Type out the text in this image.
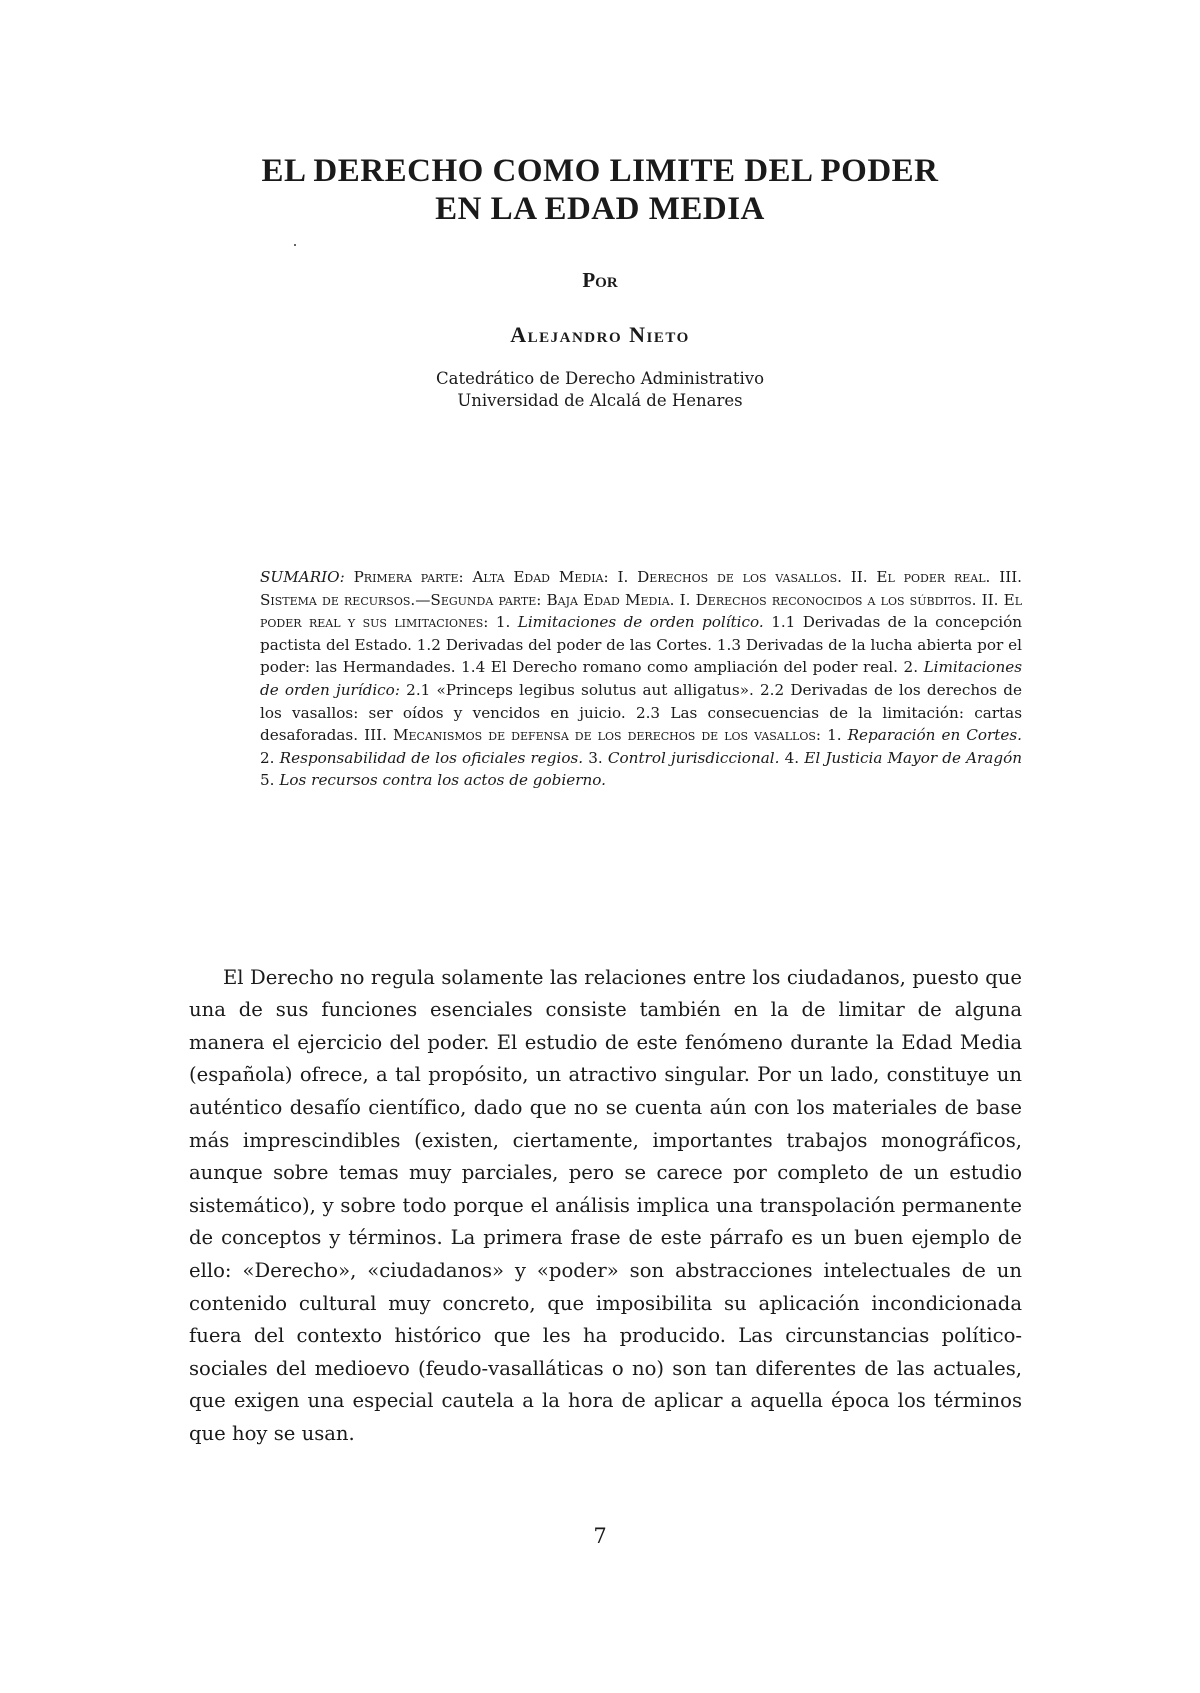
EL DERECHO COMO LIMITE DEL PODER
EN LA EDAD MEDIA
Por
Alejandro Nieto
Catedrático de Derecho Administrativo
Universidad de Alcalá de Henares
SUMARIO: Primera parte: Alta Edad Media: I. Derechos de los vasallos. II. El poder real. III. Sistema de recursos.—Segunda parte: Baja Edad Media. I. Derechos reconocidos a los súbditos. II. El poder real y sus limitaciones: 1. Limitaciones de orden político. 1.1 Derivadas de la concepción pactista del Estado. 1.2 Derivadas del poder de las Cortes. 1.3 Derivadas de la lucha abierta por el poder: las Hermandades. 1.4 El Derecho romano como ampliación del poder real. 2. Limitaciones de orden jurídico: 2.1 «Princeps legibus solutus aut alligatus». 2.2 Derivadas de los derechos de los vasallos: ser oídos y vencidos en juicio. 2.3 Las consecuencias de la limitación: cartas desaforadas. III. Mecanismos de defensa de los derechos de los vasallos: 1. Reparación en Cortes. 2. Responsabilidad de los oficiales regios. 3. Control jurisdiccional. 4. El Justicia Mayor de Aragón 5. Los recursos contra los actos de gobierno.

El Derecho no regula solamente las relaciones entre los ciudadanos, puesto que una de sus funciones esenciales consiste también en la de limitar de alguna manera el ejercicio del poder. El estudio de este fenómeno durante la Edad Media (española) ofrece, a tal propósito, un atractivo singular. Por un lado, constituye un auténtico desafío científico, dado que no se cuenta aún con los materiales de base más imprescindibles (existen, ciertamente, importantes trabajos monográficos, aunque sobre temas muy parciales, pero se carece por completo de un estudio sistemático), y sobre todo porque el análisis implica una transpolación permanente de conceptos y términos. La primera frase de este párrafo es un buen ejemplo de ello: «Derecho», «ciudadanos» y «poder» son abstracciones intelectuales de un contenido cultural muy concreto, que imposibilita su aplicación incondicionada fuera del contexto histórico que les ha producido. Las circunstancias político-sociales del medioevo (feudo-vasalláticas o no) son tan diferentes de las actuales, que exigen una especial cautela a la hora de aplicar a aquella época los términos que hoy se usan.

7
